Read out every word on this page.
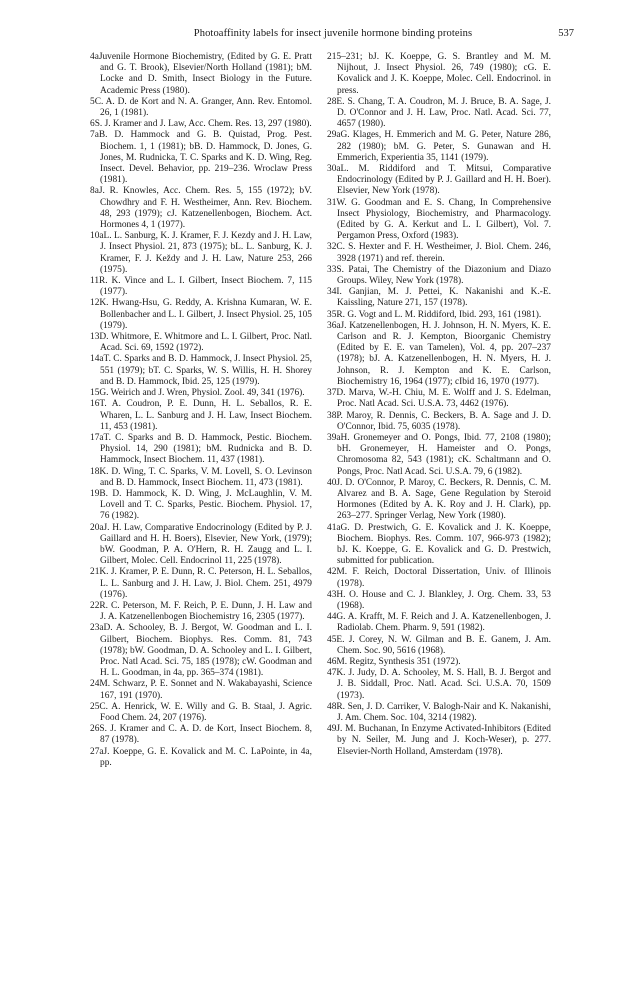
Photoaffinity labels for insect juvenile hormone binding proteins	537

4aJuvenile Hormone Biochemistry, (Edited by G. E. Pratt and G. T. Brook), Elsevier/North Holland (1981); bM. Locke and D. Smith, Insect Biology in the Future. Academic Press (1980).

5C. A. D. de Kort and N. A. Granger, Ann. Rev. Entomol. 26, 1 (1981).

6S. J. Kramer and J. Law, Acc. Chem. Res. 13, 297 (1980).

7aB. D. Hammock and G. B. Quistad, Prog. Pest. Biochem. 1, 1 (1981); bB. D. Hammock, D. Jones, G. Jones, M. Rudnicka, T. C. Sparks and K. D. Wing, Reg. Insect. Devel. Behavior, pp. 219–236. Wroclaw Press (1981).

8aJ. R. Knowles, Acc. Chem. Res. 5, 155 (1972); bV. Chowdhry and F. H. Westheimer, Ann. Rev. Biochem. 48, 293 (1979); cJ. Katzenellenbogen, Biochem. Act. Hormones 4, 1 (1977).

10aL. L. Sanburg, K. J. Kramer, F. J. Kezdy and J. H. Law, J. Insect Physiol. 21, 873 (1975); bL. L. Sanburg, K. J. Kramer, F. J. Keždy and J. H. Law, Nature 253, 266 (1975).

11R. K. Vince and L. I. Gilbert, Insect Biochem. 7, 115 (1977).

12K. Hwang-Hsu, G. Reddy, A. Krishna Kumaran, W. E. Bollenbacher and L. I. Gilbert, J. Insect Physiol. 25, 105 (1979).

13D. Whitmore, E. Whitmore and L. I. Gilbert, Proc. Natl. Acad. Sci. 69, 1592 (1972).

14aT. C. Sparks and B. D. Hammock, J. Insect Physiol. 25, 551 (1979); bT. C. Sparks, W. S. Willis, H. H. Shorey and B. D. Hammock, Ibid. 25, 125 (1979).

15G. Weirich and J. Wren, Physiol. Zool. 49, 341 (1976).

16T. A. Coudron, P. E. Dunn, H. L. Seballos, R. E. Wharen, L. L. Sanburg and J. H. Law, Insect Biochem. 11, 453 (1981).

17aT. C. Sparks and B. D. Hammock, Pestic. Biochem. Physiol. 14, 290 (1981); bM. Rudnicka and B. D. Hammock, Insect Biochem. 11, 437 (1981).

18K. D. Wing, T. C. Sparks, V. M. Lovell, S. O. Levinson and B. D. Hammock, Insect Biochem. 11, 473 (1981).

19B. D. Hammock, K. D. Wing, J. McLaughlin, V. M. Lovell and T. C. Sparks, Pestic. Biochem. Physiol. 17, 76 (1982).

20aJ. H. Law, Comparative Endocrinology (Edited by P. J. Gaillard and H. H. Boers), Elsevier, New York, (1979); bW. Goodman, P. A. O'Hern, R. H. Zaugg and L. I. Gilbert, Molec. Cell. Endocrinol 11, 225 (1978).

21K. J. Kramer, P. E. Dunn, R. C. Peterson, H. L. Seballos, L. L. Sanburg and J. H. Law, J. Biol. Chem. 251, 4979 (1976).

22R. C. Peterson, M. F. Reich, P. E. Dunn, J. H. Law and J. A. Katzenellenbogen Biochemistry 16, 2305 (1977).

23aD. A. Schooley, B. J. Bergot, W. Goodman and L. I. Gilbert, Biochem. Biophys. Res. Comm. 81, 743 (1978); bW. Goodman, D. A. Schooley and L. I. Gilbert, Proc. Natl Acad. Sci. 75, 185 (1978); cW. Goodman and H. L. Goodman, in 4a, pp. 365–374 (1981).

24M. Schwarz, P. E. Sonnet and N. Wakabayashi, Science 167, 191 (1970).

25C. A. Henrick, W. E. Willy and G. B. Staal, J. Agric. Food Chem. 24, 207 (1976).

26S. J. Kramer and C. A. D. de Kort, Insect Biochem. 8, 87 (1978).

27aJ. Koeppe, G. E. Kovalick and M. C. LaPointe, in 4a, pp.

215–231; bJ. K. Koeppe, G. S. Brantley and M. M. Nijhout, J. Insect Physiol. 26, 749 (1980); cG. E. Kovalick and J. K. Koeppe, Molec. Cell. Endocrinol. in press.

28E. S. Chang, T. A. Coudron, M. J. Bruce, B. A. Sage, J. D. O'Connor and J. H. Law, Proc. Natl. Acad. Sci. 77, 4657 (1980).

29aG. Klages, H. Emmerich and M. G. Peter, Nature 286, 282 (1980); bM. G. Peter, S. Gunawan and H. Emmerich, Experientia 35, 1141 (1979).

30aL. M. Riddiford and T. Mitsui, Comparative Endocrinology (Edited by P. J. Gaillard and H. H. Boer). Elsevier, New York (1978).

31W. G. Goodman and E. S. Chang, In Comprehensive Insect Physiology, Biochemistry, and Pharmacology. (Edited by G. A. Kerkut and L. I. Gilbert), Vol. 7. Pergamon Press, Oxford (1983).

32C. S. Hexter and F. H. Westheimer, J. Biol. Chem. 246, 3928 (1971) and ref. therein.

33S. Patai, The Chemistry of the Diazonium and Diazo Groups. Wiley, New York (1978).

34I. Ganjian, M. J. Pettei, K. Nakanishi and K.-E. Kaissling, Nature 271, 157 (1978).

35R. G. Vogt and L. M. Riddiford, Ibid. 293, 161 (1981).

36aJ. Katzenellenbogen, H. J. Johnson, H. N. Myers, K. E. Carlson and R. J. Kempton, Bioorganic Chemistry (Edited by E. E. van Tamelen), Vol. 4, pp. 207–237 (1978); bJ. A. Katzenellenbogen, H. N. Myers, H. J. Johnson, R. J. Kempton and K. E. Carlson, Biochemistry 16, 1964 (1977); cIbid 16, 1970 (1977).

37D. Marva, W.-H. Chiu, M. E. Wolff and J. S. Edelman, Proc. Natl Acad. Sci. U.S.A. 73, 4462 (1976).

38P. Maroy, R. Dennis, C. Beckers, B. A. Sage and J. D. O'Connor, Ibid. 75, 6035 (1978).

39aH. Gronemeyer and O. Pongs, Ibid. 77, 2108 (1980); bH. Gronemeyer, H. Hameister and O. Pongs, Chromosoma 82, 543 (1981); cK. Schaltmann and O. Pongs, Proc. Natl Acad. Sci. U.S.A. 79, 6 (1982).

40J. D. O'Connor, P. Maroy, C. Beckers, R. Dennis, C. M. Alvarez and B. A. Sage, Gene Regulation by Steroid Hormones (Edited by A. K. Roy and J. H. Clark), pp. 263–277. Springer Verlag, New York (1980).

41aG. D. Prestwich, G. E. Kovalick and J. K. Koeppe, Biochem. Biophys. Res. Comm. 107, 966-973 (1982); bJ. K. Koeppe, G. E. Kovalick and G. D. Prestwich, submitted for publication.

42M. F. Reich, Doctoral Dissertation, Univ. of Illinois (1978).

43H. O. House and C. J. Blankley, J. Org. Chem. 33, 53 (1968).

44G. A. Krafft, M. F. Reich and J. A. Katzenellenbogen, J. Radiolab. Chem. Pharm. 9, 591 (1982).

45E. J. Corey, N. W. Gilman and B. E. Ganem, J. Am. Chem. Soc. 90, 5616 (1968).

46M. Regitz, Synthesis 351 (1972).

47K. J. Judy, D. A. Schooley, M. S. Hall, B. J. Bergot and J. B. Siddall, Proc. Natl. Acad. Sci. U.S.A. 70, 1509 (1973).

48R. Sen, J. D. Carriker, V. Balogh-Nair and K. Nakanishi, J. Am. Chem. Soc. 104, 3214 (1982).

49J. M. Buchanan, In Enzyme Activated-Inhibitors (Edited by N. Seiler, M. Jung and J. Koch-Weser), p. 277. Elsevier-North Holland, Amsterdam (1978).
